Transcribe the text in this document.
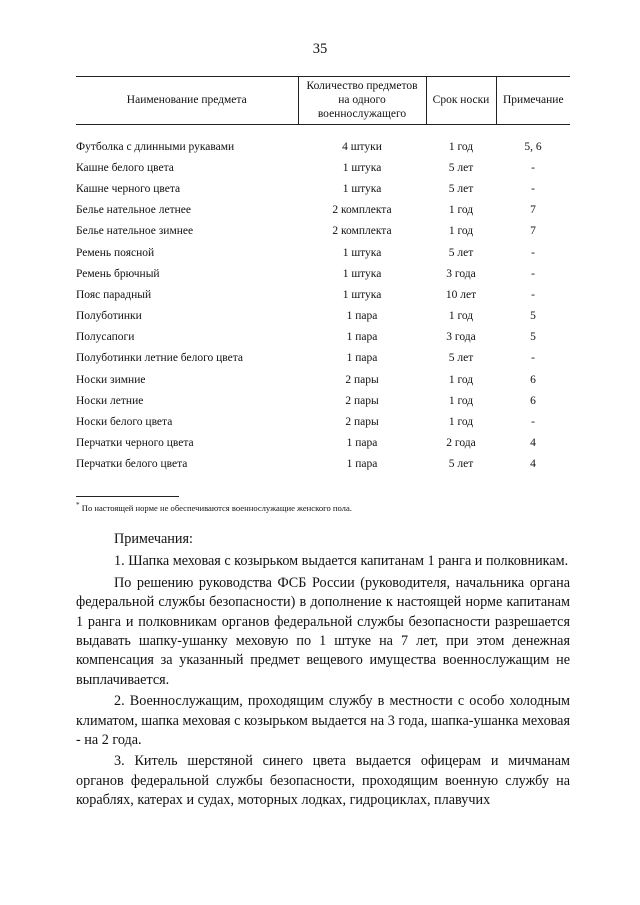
35
Наименование предмета	Количество предметов на одного военнослужащего	Срок носки	Примечание

Футболка с длинными рукавами	4 штуки	1 год	5, 6
Кашне белого цвета	1 штука	5 лет	-
Кашне черного цвета	1 штука	5 лет	-
Белье нательное летнее	2 комплекта	1 год	7
Белье нательное зимнее	2 комплекта	1 год	7
Ремень поясной	1 штука	5 лет	-
Ремень брючный	1 штука	3 года	-
Пояс парадный	1 штука	10 лет	-
Полуботинки	1 пара	1 год	5
Полусапоги	1 пара	3 года	5
Полуботинки летние белого цвета	1 пара	5 лет	-
Носки зимние	2 пары	1 год	6
Носки летние	2 пары	1 год	6
Носки белого цвета	2 пары	1 год	-
Перчатки черного цвета	1 пара	2 года	4
Перчатки белого цвета	1 пара	5 лет	4
* По настоящей норме не обеспечиваются военнослужащие женского пола.
Примечания:

1. Шапка меховая с козырьком выдается капитанам 1 ранга и полковникам.

По решению руководства ФСБ России (руководителя, начальника органа федеральной службы безопасности) в дополнение к настоящей норме капитанам 1 ранга и полковникам органов федеральной службы безопасности разрешается выдавать шапку-ушанку меховую по 1 штуке на 7 лет, при этом денежная компенсация за указанный предмет вещевого имущества военнослужащим не выплачивается.

2. Военнослужащим, проходящим службу в местности с особо холодным климатом, шапка меховая с козырьком выдается на 3 года, шапка-ушанка меховая - на 2 года.

3. Китель шерстяной синего цвета выдается офицерам и мичманам органов федеральной службы безопасности, проходящим военную службу на кораблях, катерах и судах, моторных лодках, гидроциклах, плавучих
